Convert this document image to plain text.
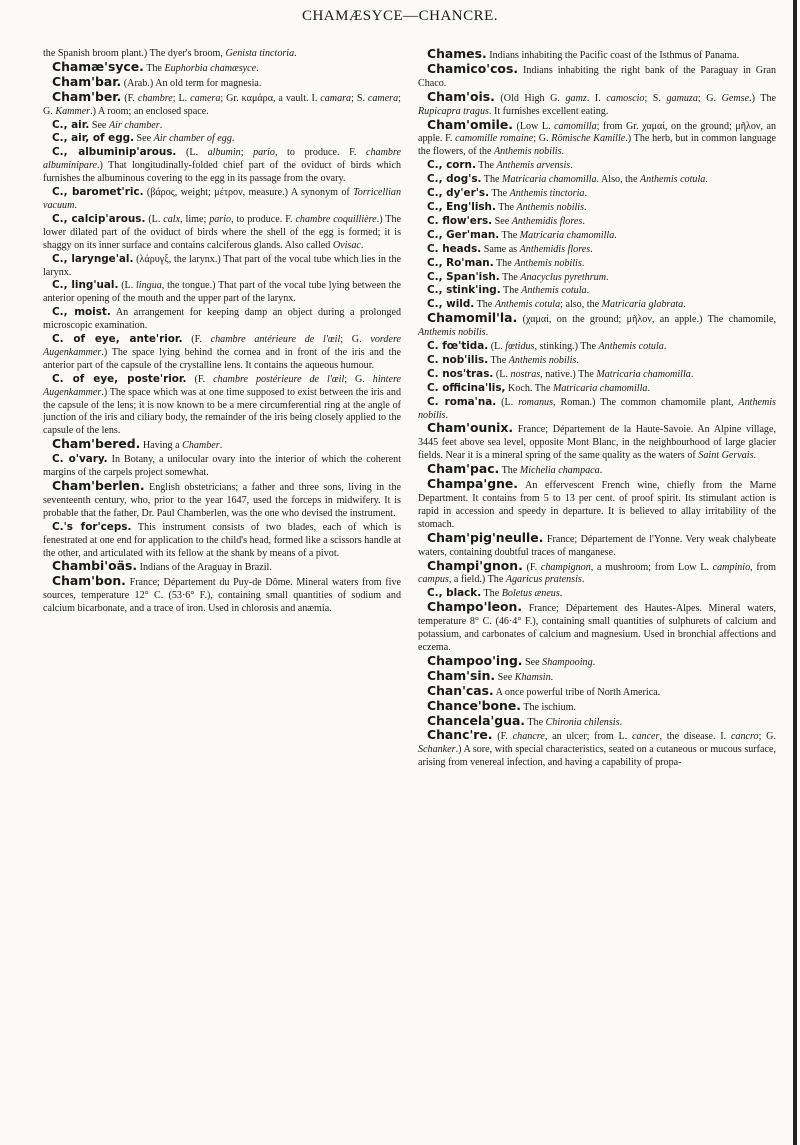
CHAMÆSYCE—CHANCRE.

the Spanish broom plant.) The dyer's broom, Genista tinctoria.

Chamæ'syce. The Euphorbia chamæsyce.

Cham'bar. (Arab.) An old term for magnesia.

Cham'ber. (F. chambre; L. camera; Gr. καμάρα, a vault. I. camara; S. camera; G. Kammer.) A room; an enclosed space.

C., air. See Air chamber.

C., air, of egg. See Air chamber of egg.

C., albuminip'arous. (L. albumin; pario, to produce. F. chambre albuminipare.) That longitudinally-folded chief part of the oviduct of birds which furnishes the albuminous covering to the egg in its passage from the ovary.

C., baromet'ric. (βάρος, weight; μέτρον, measure.) A synonym of Torricellian vacuum.

C., calcip'arous. (L. calx, lime; pario, to produce. F. chambre coquillière.) The lower dilated part of the oviduct of birds where the shell of the egg is formed; it is shaggy on its inner surface and contains calciferous glands. Also called Ovisac.

C., larynge'al. (λάρυγξ, the larynx.) That part of the vocal tube which lies in the larynx.

C., ling'ual. (L. lingua, the tongue.) That part of the vocal tube lying between the anterior opening of the mouth and the upper part of the larynx.

C., moist. An arrangement for keeping damp an object during a prolonged microscopic examination.

C. of eye, ante'rior. (F. chambre antérieure de l'œil; G. vordere Augenkammer.) The space lying behind the cornea and in front of the iris and the anterior part of the capsule of the crystalline lens. It contains the aqueous humour.

C. of eye, poste'rior. (F. chambre postérieure de l'œil; G. hintere Augenkammer.) The space which was at one time supposed to exist between the iris and the capsule of the lens; it is now known to be a mere circumferential ring at the angle of junction of the iris and ciliary body, the remainder of the iris being closely applied to the capsule of the lens.

Cham'bered. Having a Chamber.

C. o'vary. In Botany, a unilocular ovary into the interior of which the coherent margins of the carpels project somewhat.

Cham'berlen. English obstetricians; a father and three sons, living in the seventeenth century, who, prior to the year 1647, used the forceps in midwifery. It is probable that the father, Dr. Paul Chamberlen, was the one who devised the instrument.

C.'s for'ceps. This instrument consists of two blades, each of which is fenestrated at one end for application to the child's head, formed like a scissors handle at the other, and articulated with its fellow at the shank by means of a pivot.

Chambi'oäs. Indians of the Araguay in Brazil.

Cham'bon. France; Département du Puy-de Dôme. Mineral waters from five sources, temperature 12° C. (53·6° F.), containing small quantities of sodium and calcium bicarbonate, and a trace of iron. Used in chlorosis and anæmia.

Chames. Indians inhabiting the Pacific coast of the Isthmus of Panama.

Chamico'cos. Indians inhabiting the right bank of the Paraguay in Gran Chaco.

Cham'ois. (Old High G. gamz. I. camoscio; S. gamuza; G. Gemse.) The Rupicapra tragus. It furnishes excellent eating.

Cham'omile. (Low L. camomilla; from Gr. χαμαί, on the ground; μῆλον, an apple. F. camomille romaine; G. Römische Kamille.) The herb, but in common language the flowers, of the Anthemis nobilis.

C., corn. The Anthemis arvensis.

C., dog's. The Matricaria chamomilla. Also, the Anthemis cotula.

C., dy'er's. The Anthemis tinctoria.

C., Eng'lish. The Anthemis nobilis.

C. flow'ers. See Anthemidis flores.

C., Ger'man. The Matricaria chamomilla.

C. heads. Same as Anthemidis flores.

C., Ro'man. The Anthemis nobilis.

C., Span'ish. The Anacyclus pyrethrum.

C., stink'ing. The Anthemis cotula.

C., wild. The Anthemis cotula; also, the Matricaria glabrata.

Chamomil'la. (χαμαί, on the ground; μῆλον, an apple.) The chamomile, Anthemis nobilis.

C. fœ'tida. (L. fœtidus, stinking.) The Anthemis cotula.

C. nob'ilis. The Anthemis nobilis.

C. nos'tras. (L. nostras, native.) The Matricaria chamomilla.

C. officina'lis, Koch. The Matricaria chamomilla.

C. roma'na. (L. romanus, Roman.) The common chamomile plant, Anthemis nobilis.

Cham'ounix. France; Département de la Haute-Savoie. An Alpine village, 3445 feet above sea level, opposite Mont Blanc, in the neighbourhood of large glacier fields. Near it is a mineral spring of the same quality as the waters of Saint Gervais.

Cham'pac. The Michelia champaca.

Champa'gne. An effervescent French wine, chiefly from the Marne Department. It contains from 5 to 13 per cent. of proof spirit. Its stimulant action is rapid in accession and speedy in departure. It is believed to allay irritability of the stomach.

Cham'pig'neulle. France; Département de l'Yonne. Very weak chalybeate waters, containing doubtful traces of manganese.

Champi'gnon. (F. champignon, a mushroom; from Low L. campinio, from campus, a field.) The Agaricus pratensis.

C., black. The Boletus æneus.

Champo'leon. France; Département des Hautes-Alpes. Mineral waters, temperature 8° C. (46·4° F.), containing small quantities of sulphurets of calcium and potassium, and carbonates of calcium and magnesium. Used in bronchial affections and eczema.

Champoo'ing. See Shampooing.

Cham'sin. See Khamsin.

Chan'cas. A once powerful tribe of North America.

Chance'bone. The ischium.

Chancela'gua. The Chironia chilensis.

Chanc're. (F. chancre, an ulcer; from L. cancer, the disease. I. cancro; G. Schanker.) A sore, with special characteristics, seated on a cutaneous or mucous surface, arising from venereal infection, and having a capability of propa-
